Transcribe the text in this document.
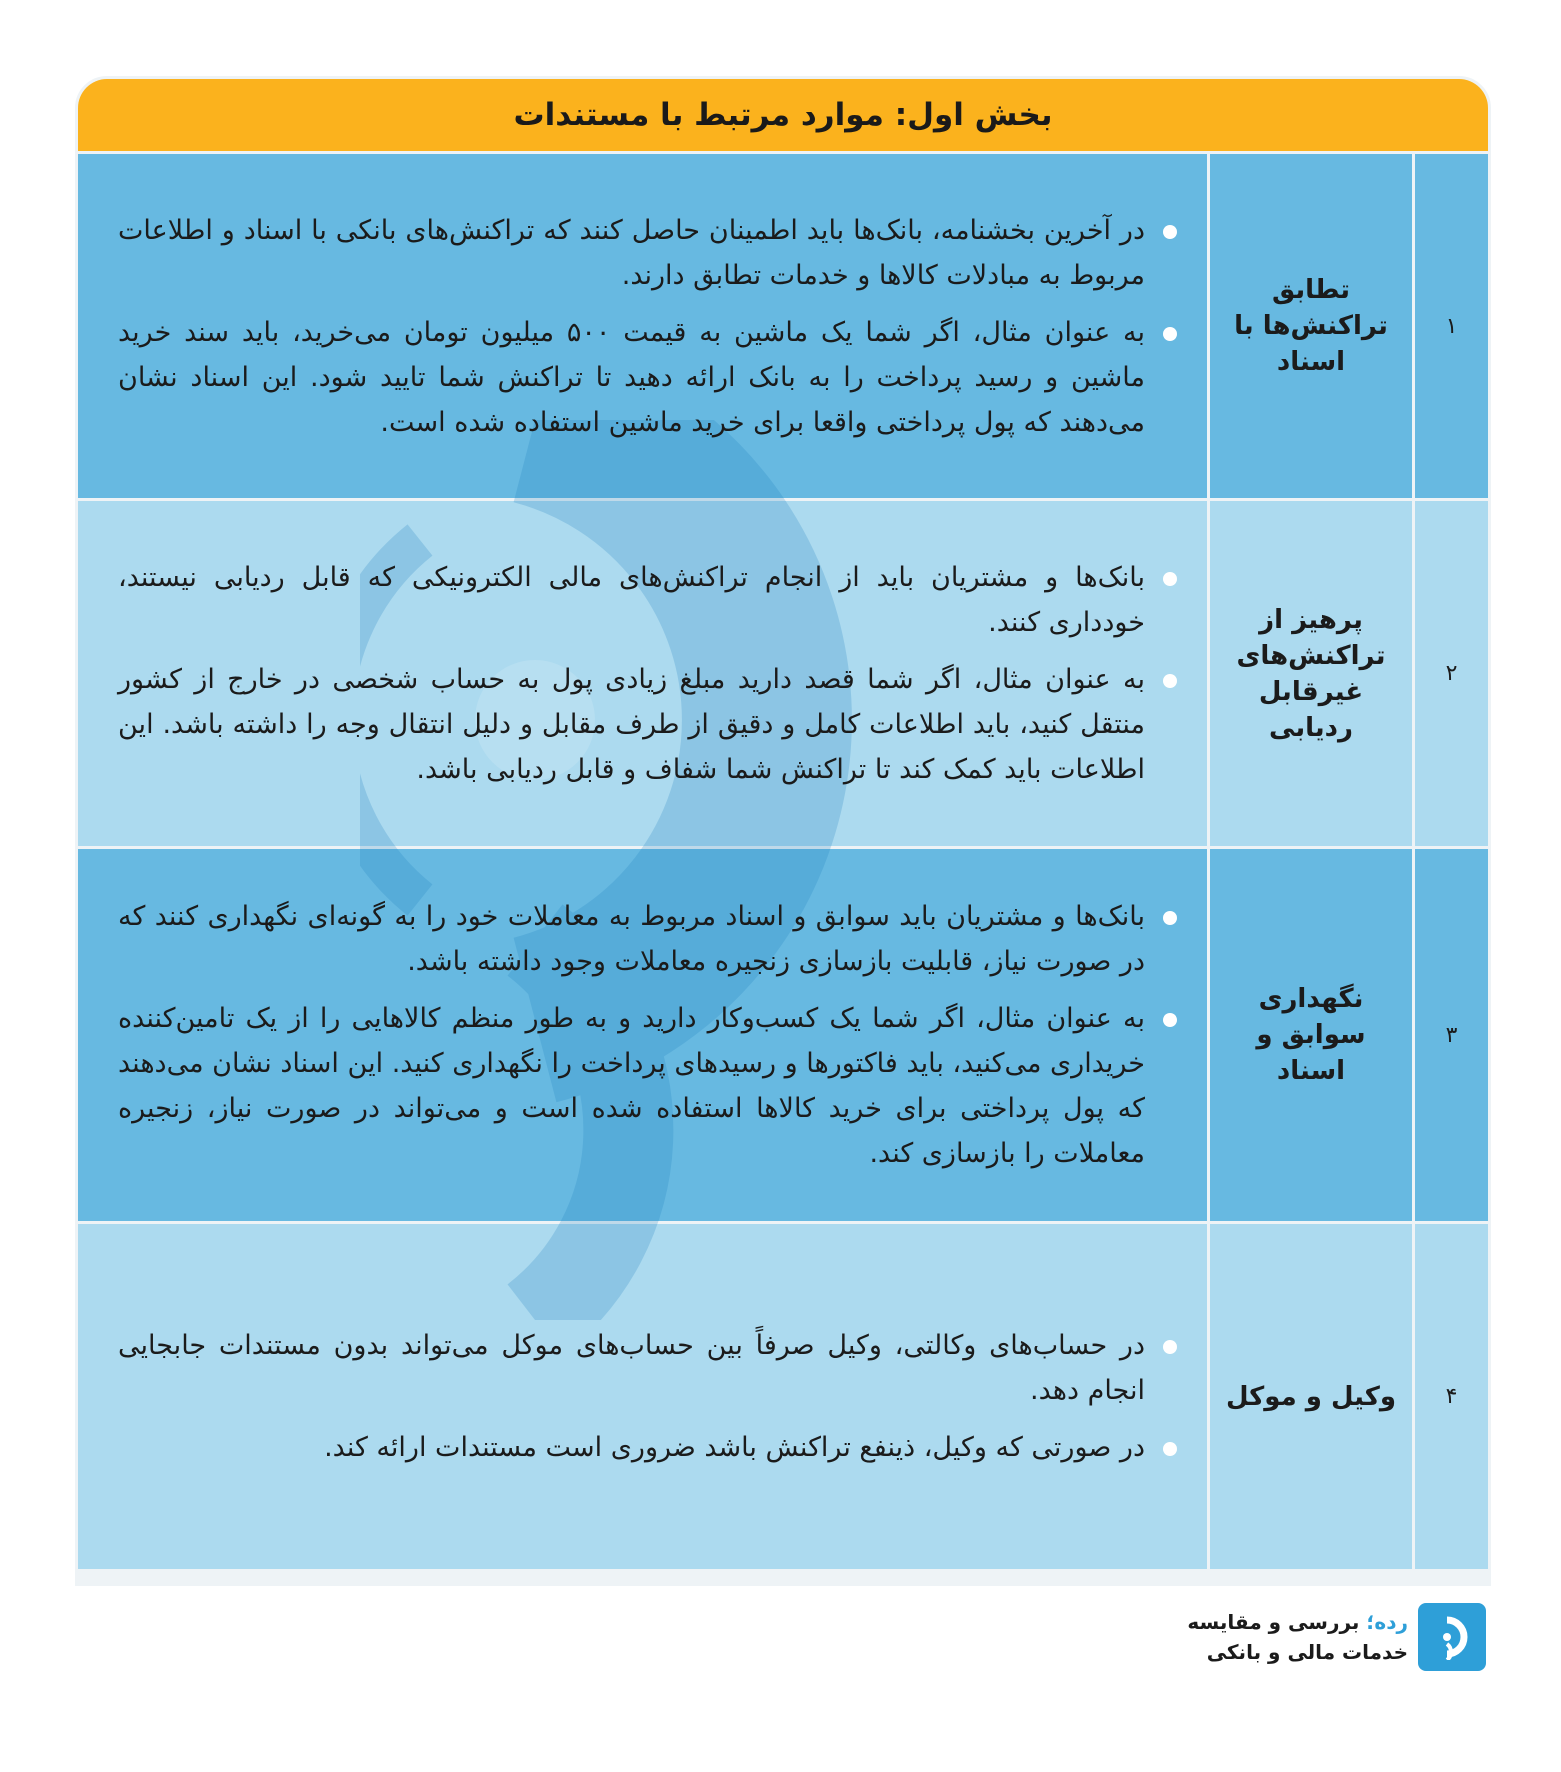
بخش اول: موارد مرتبط با مستندات
۱
تطابق تراکنش‌ها با اسناد
در آخرین بخشنامه، بانک‌ها باید اطمینان حاصل کنند که تراکنش‌های بانکی با اسناد و اطلاعات مربوط به مبادلات کالاها و خدمات تطابق دارند.
به عنوان مثال، اگر شما یک ماشین به قیمت ۵۰۰ میلیون تومان می‌خرید، باید سند خرید ماشین و رسید پرداخت را به بانک ارائه دهید تا تراکنش شما تایید شود. این اسناد نشان می‌دهند که پول پرداختی واقعا برای خرید ماشین استفاده شده است.
۲
پرهیز از تراکنش‌های غیرقابل ردیابی
بانک‌ها و مشتریان باید از انجام تراکنش‌های مالی الکترونیکی که قابل ردیابی نیستند، خودداری کنند.
به عنوان مثال، اگر شما قصد دارید مبلغ زیادی پول به حساب شخصی در خارج از کشور منتقل کنید، باید اطلاعات کامل و دقیق از طرف مقابل و دلیل انتقال وجه را داشته باشد. این اطلاعات باید کمک کند تا تراکنش شما شفاف و قابل ردیابی باشد.
۳
نگهداری سوابق و اسناد
بانک‌ها و مشتریان باید سوابق و اسناد مربوط به معاملات خود را به گونه‌ای نگهداری کنند که در صورت نیاز، قابلیت بازسازی زنجیره معاملات وجود داشته باشد.
به عنوان مثال، اگر شما یک کسب‌وکار دارید و به طور منظم کالاهایی را از یک تامین‌کننده خریداری می‌کنید، باید فاکتورها و رسیدهای پرداخت را نگهداری کنید. این اسناد نشان می‌دهند که پول پرداختی برای خرید کالاها استفاده شده است و می‌تواند در صورت نیاز، زنجیره معاملات را بازسازی کند.
۴
وکیل و موکل
در حساب‌های وکالتی، وکیل صرفاً بین حساب‌های موکل می‌تواند بدون مستندات جابجایی انجام دهد.
در صورتی که وکیل، ذینفع تراکنش باشد ضروری است مستندات ارائه کند.
رده؛ بررسی و مقایسه
خدمات مالی و بانکی
